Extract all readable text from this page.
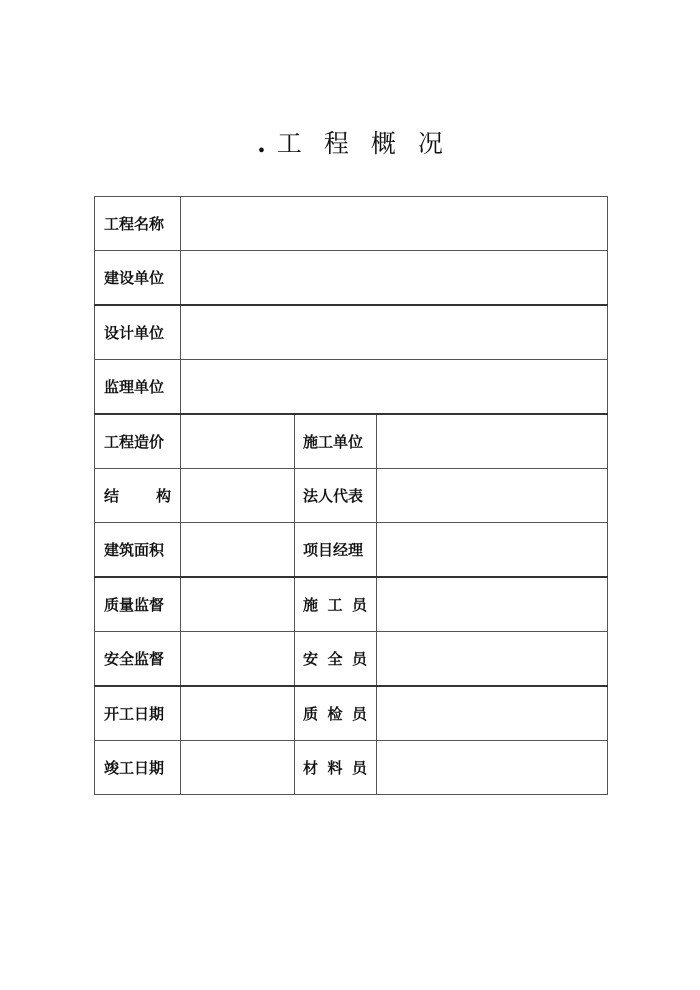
. 工 程 概 况
工程名称			
建设单位			
设计单位			
监理单位			
工程造价		施工单位	

结 构		法人代表	
建筑面积		项目经理	
质量监督		施 工 员	

安全监督		安 全 员	

开工日期		质 检 员	

竣工日期		材 料 员	
